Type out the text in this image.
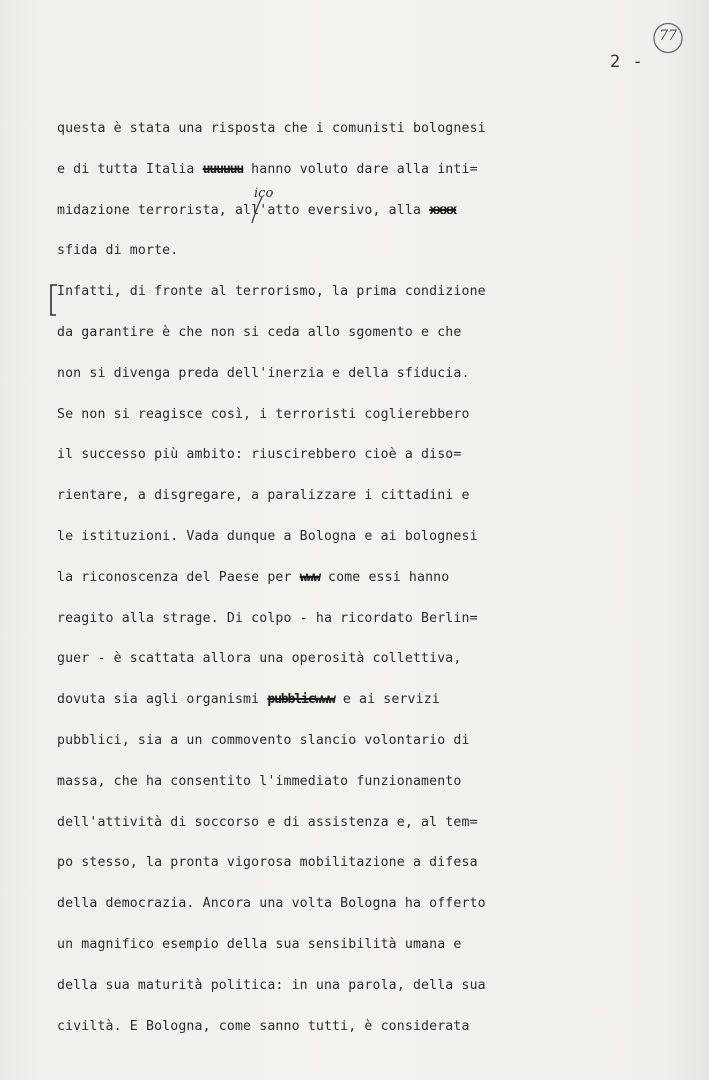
2 -
77
ico
questa è stata una risposta che i comunisti bolognesi
e di tutta Italia uuuuuu hanno voluto dare alla inti=
midazione terrorista, all'atto eversivo, alla xxxx
sfida di morte.
Infatti, di fronte al terrorismo, la prima condizione
da garantire è che non si ceda allo sgomento e che
non si divenga preda dell'inerzia e della sfiducia.
Se non si reagisce così, i terroristi coglierebbero
il successo più ambito: riuscirebbero cioè a diso=
rientare, a disgregare, a paralizzare i cittadini e
le istituzioni. Vada dunque a Bologna e ai bolognesi
la riconoscenza del Paese per www come essi hanno
reagito alla strage. Di colpo - ha ricordato Berlin=
guer - è scattata allora una operosità collettiva,
dovuta sia agli organismi pubblicwww e ai servizi
pubblici, sia a un commovento slancio volontario di
massa, che ha consentito l'immediato funzionamento
dell'attività di soccorso e di assistenza e, al tem=
po stesso, la pronta vigorosa mobilitazione a difesa
della democrazia. Ancora una volta Bologna ha offerto
un magnifico esempio della sua sensibilità umana e
della sua maturità politica: in una parola, della sua
civiltà. E Bologna, come sanno tutti, è considerata
